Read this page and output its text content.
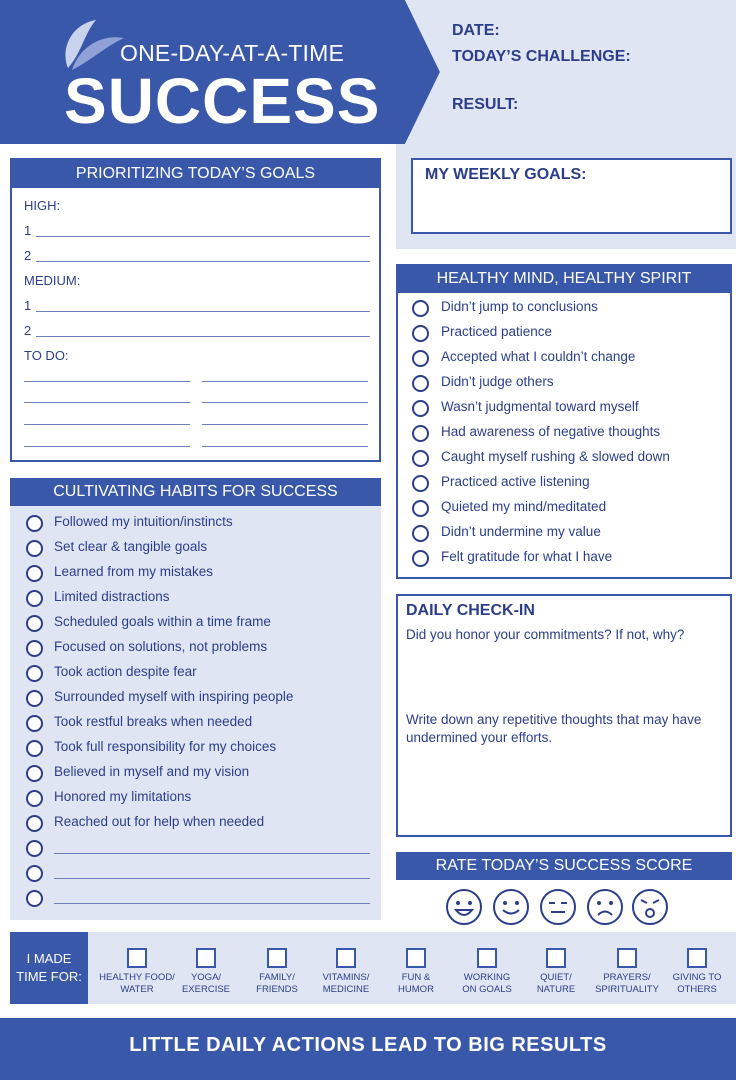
ONE-DAY-AT-A-TIME
SUCCESS
DATE:
TODAY’S CHALLENGE:
RESULT:
PRIORITIZING TODAY’S GOALS
HIGH:
1
2
MEDIUM:
1
2
TO DO:
MY WEEKLY GOALS:
HEALTHY MIND, HEALTHY SPIRIT
Didn’t jump to conclusions
Practiced patience
Accepted what I couldn’t change
Didn’t judge others
Wasn’t judgmental toward myself
Had awareness of negative thoughts
Caught myself rushing & slowed down
Practiced active listening
Quieted my mind/meditated
Didn’t undermine my value
Felt gratitude for what I have
CULTIVATING HABITS FOR SUCCESS
Followed my intuition/instincts
Set clear & tangible goals
Learned from my mistakes
Limited distractions
Scheduled goals within a time frame
Focused on solutions, not problems
Took action despite fear
Surrounded myself with inspiring people
Took restful breaks when needed
Took full responsibility for my choices
Believed in myself and my vision
Honored my limitations
Reached out for help when needed
DAILY CHECK-IN
Did you honor your commitments? If not, why?
Write down any repetitive thoughts that may have undermined your efforts.
RATE TODAY’S SUCCESS SCORE
I MADE
TIME FOR:	HEALTHY FOOD/
WATER
YOGA/
EXERCISE
FAMILY/
FRIENDS
VITAMINS/
MEDICINE
FUN &
HUMOR
WORKING
ON GOALS
QUIET/
NATURE
PRAYERS/
SPIRITUALITY
GIVING TO
OTHERS
LITTLE DAILY ACTIONS LEAD TO BIG RESULTS
